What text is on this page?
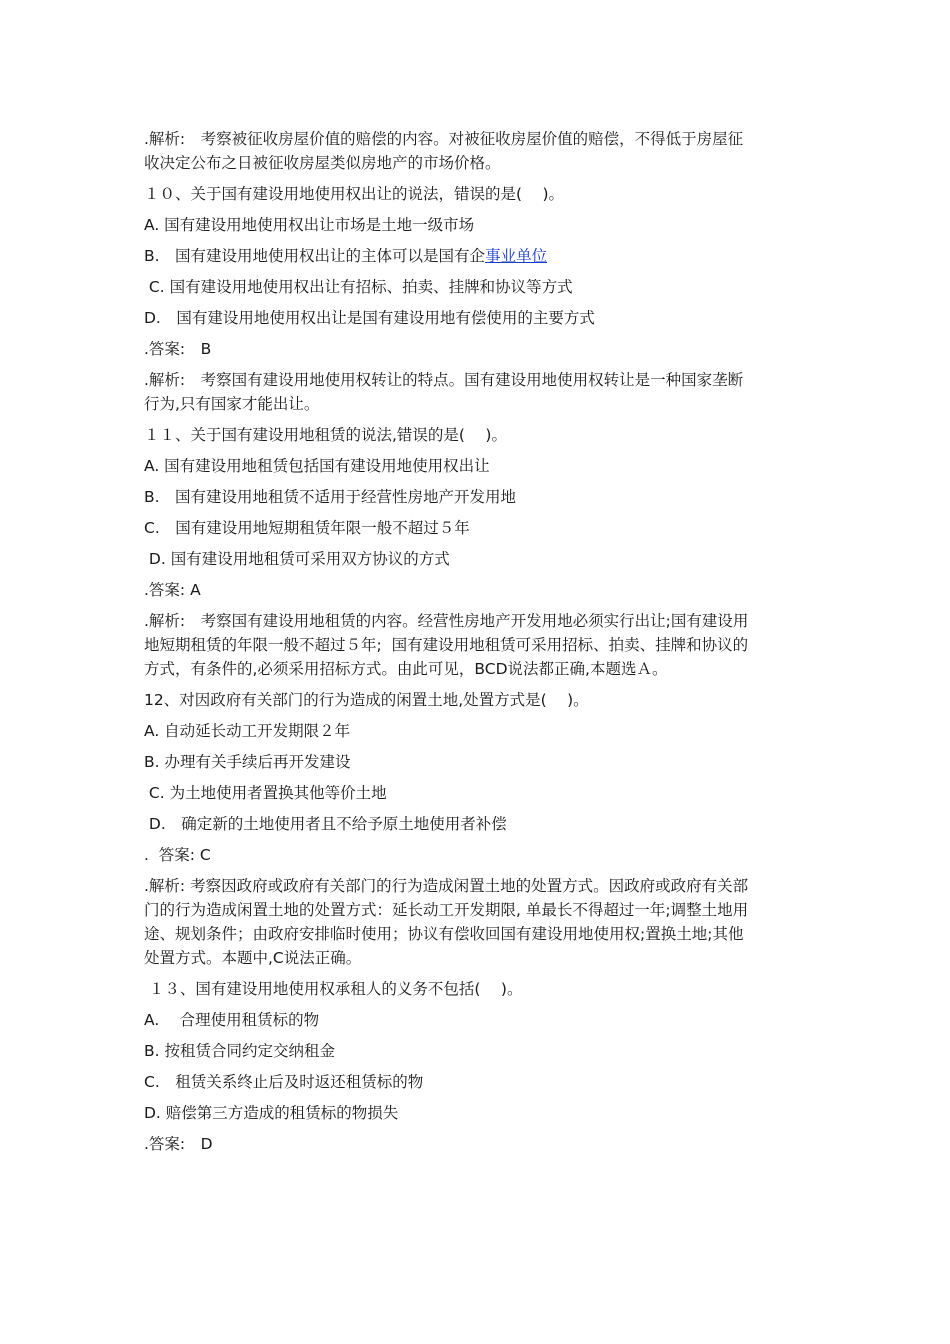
.解析:　考察被征收房屋价值的赔偿的内容。对被征收房屋价值的赔偿，不得低于房屋征
收决定公布之日被征收房屋类似房地产的市场价格。
１０、关于国有建设用地使用权出让的说法，错误的是(　 )。
A. 国有建设用地使用权出让市场是土地一级市场
B.　国有建设用地使用权出让的主体可以是国有企事业单位
C. 国有建设用地使用权出让有招标、拍卖、挂牌和协议等方式
D.　国有建设用地使用权出让是国有建设用地有偿使用的主要方式
.答案:　B
.解析:　考察国有建设用地使用权转让的特点。国有建设用地使用权转让是一种国家垄断
行为,只有国家才能出让。
１１、关于国有建设用地租赁的说法,错误的是(　 )。
A. 国有建设用地租赁包括国有建设用地使用权出让
B.　国有建设用地租赁不适用于经营性房地产开发用地
C.　国有建设用地短期租赁年限一般不超过５年
D. 国有建设用地租赁可采用双方协议的方式
.答案: A
.解析:　考察国有建设用地租赁的内容。经营性房地产开发用地必须实行出让;国有建设用
地短期租赁的年限一般不超过５年;  国有建设用地租赁可采用招标、拍卖、挂牌和协议的
方式，有条件的,必须采用招标方式。由此可见，BCD说法都正确,本题选Ａ。
12、对因政府有关部门的行为造成的闲置土地,处置方式是(　 )。
A. 自动延长动工开发期限２年
B. 办理有关手续后再开发建设
C. 为土地使用者置换其他等价土地
D.　确定新的土地使用者且不给予原土地使用者补偿
.  答案: C
.解析: 考察因政府或政府有关部门的行为造成闲置土地的处置方式。因政府或政府有关部
门的行为造成闲置土地的处置方式：延长动工开发期限, 单最长不得超过一年;调整土地用
途、规划条件；由政府安排临时使用；协议有偿收回国有建设用地使用权;置换土地;其他
处置方式。本题中,C说法正确。
１３、国有建设用地使用权承租人的义务不包括(　 )。
A.　 合理使用租赁标的物
B. 按租赁合同约定交纳租金
C.　租赁关系终止后及时返还租赁标的物
D. 赔偿第三方造成的租赁标的物损失
.答案:　D
